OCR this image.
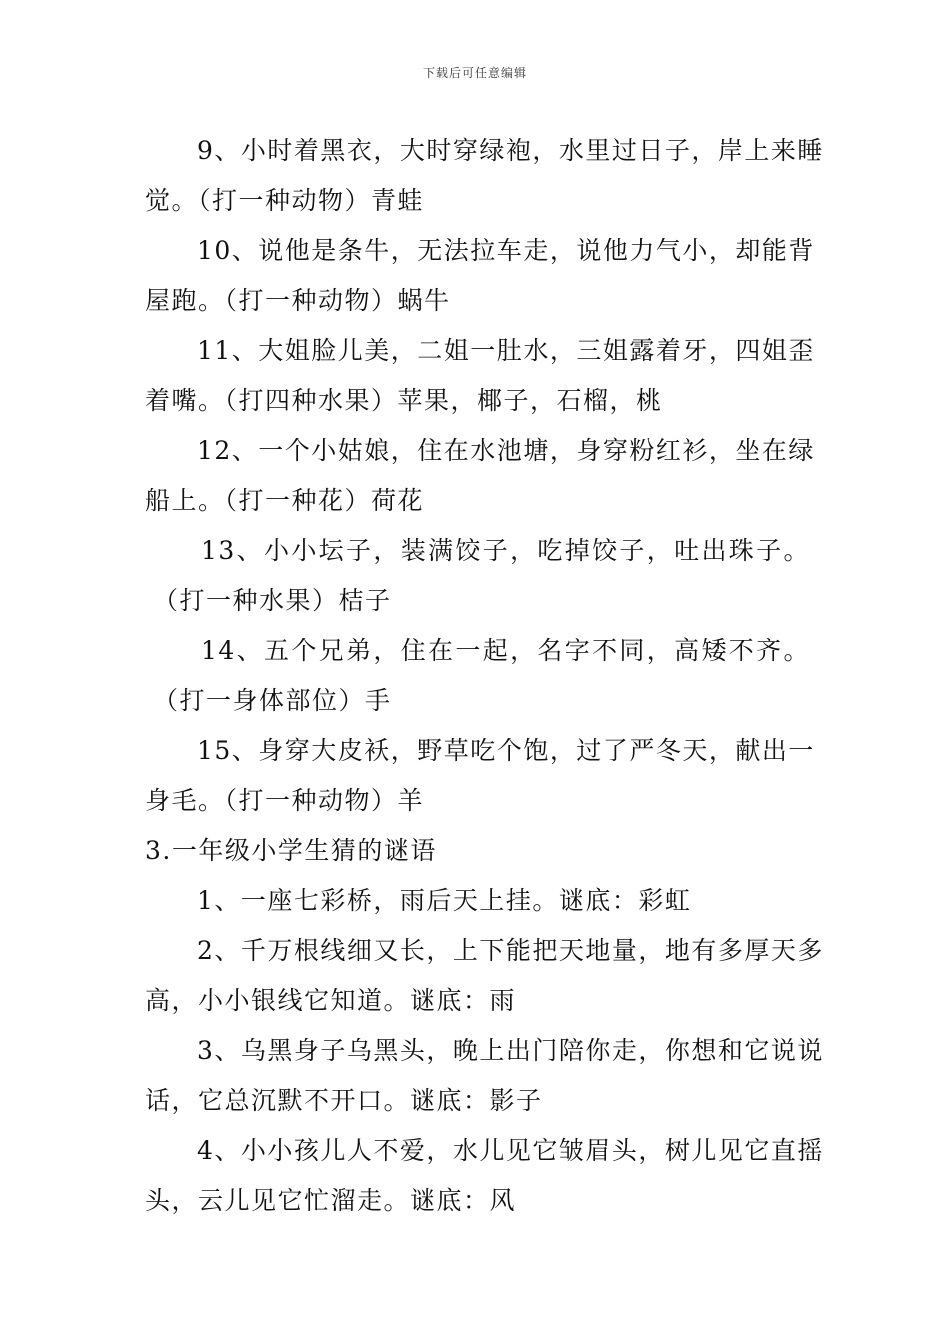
下载后可任意编辑
9、小时着黑衣，大时穿绿袍，水里过日子，岸上来睡
觉。（打一种动物）青蛙
10、说他是条牛，无法拉车走，说他力气小，却能背
屋跑。（打一种动物）蜗牛
11、大姐脸儿美，二姐一肚水，三姐露着牙，四姐歪
着嘴。（打四种水果）苹果，椰子，石榴，桃
12、一个小姑娘，住在水池塘，身穿粉红衫，坐在绿
船上。（打一种花）荷花
13、小小坛子，装满饺子，吃掉饺子，吐出珠子。
（打一种水果）桔子
14、五个兄弟，住在一起，名字不同，高矮不齐。
（打一身体部位）手
15、身穿大皮袄，野草吃个饱，过了严冬天，献出一
身毛。（打一种动物）羊
3.一年级小学生猜的谜语
1、一座七彩桥，雨后天上挂。谜底：彩虹
2、千万根线细又长，上下能把天地量，地有多厚天多
高，小小银线它知道。谜底：雨
3、乌黑身子乌黑头，晚上出门陪你走，你想和它说说
话，它总沉默不开口。谜底：影子
4、小小孩儿人不爱，水儿见它皱眉头，树儿见它直摇
头，云儿见它忙溜走。谜底：风
